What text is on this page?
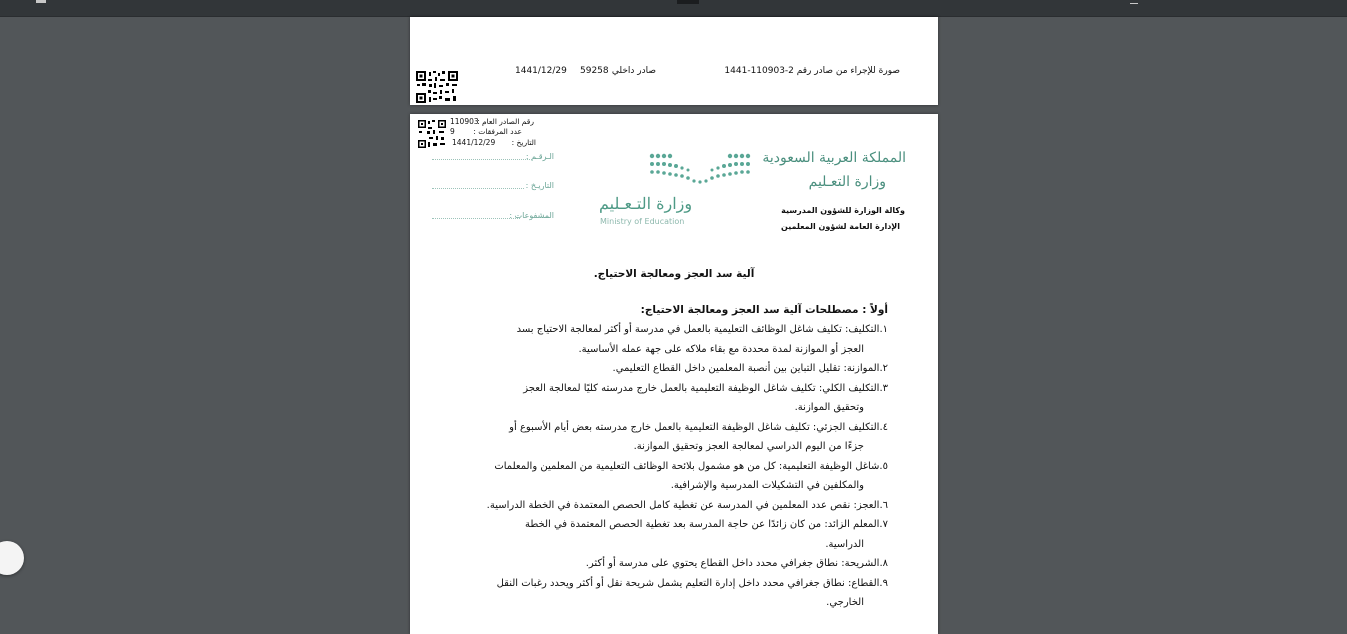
صورة للإجراء من صادر رقم 2-110903-1441
صادر داخلي
59258
1441/12/29
رقم الصادر العام :
110903
عدد المرفقات :
9
التاريخ :
1441/12/29
الـرقـم :
التاريـخ :
المشفوعات :
وزارة التـعـليم
Ministry of Education
المملكة العربية السعودية
وزارة التعـليم
وكالة الوزارة للشؤون المدرسية
الإدارة العامة لشؤون المعلمين
آلية سد العجز ومعالجة الاحتياج.
أولاً : مصطلحات آلية سد العجز ومعالجة الاحتياج:
١.التكليف: تكليف شاغل الوظائف التعليمية بالعمل في مدرسة أو أكثر لمعالجة الاحتياج بسد
العجز أو الموازنة لمدة محددة مع بقاء ملاكه على جهة عمله الأساسية.
٢.الموازنة: تقليل التباين بين أنصبة المعلمين داخل القطاع التعليمي.
٣.التكليف الكلي: تكليف شاغل الوظيفة التعليمية بالعمل خارج مدرسته كليًا لمعالجة العجز
وتحقيق الموازنة.
٤.التكليف الجزئي: تكليف شاغل الوظيفة التعليمية بالعمل خارج مدرسته بعض أيام الأسبوع أو
جزءًا من اليوم الدراسي لمعالجة العجز وتحقيق الموازنة.
٥.شاغل الوظيفة التعليمية: كل من هو مشمول بلائحة الوظائف التعليمية من المعلمين والمعلمات
والمكلفين في التشكيلات المدرسية والإشرافية.
٦.العجز: نقص عدد المعلمين في المدرسة عن تغطية كامل الحصص المعتمدة في الخطة الدراسية.
٧.المعلم الزائد: من كان زائدًا عن حاجة المدرسة بعد تغطية الحصص المعتمدة في الخطة
الدراسية.
٨.الشريحة: نطاق جغرافي محدد داخل القطاع يحتوي على مدرسة أو أكثر.
٩.القطاع: نطاق جغرافي محدد داخل إدارة التعليم يشمل شريحة نقل أو أكثر ويحدد رغبات النقل
الخارجي.
